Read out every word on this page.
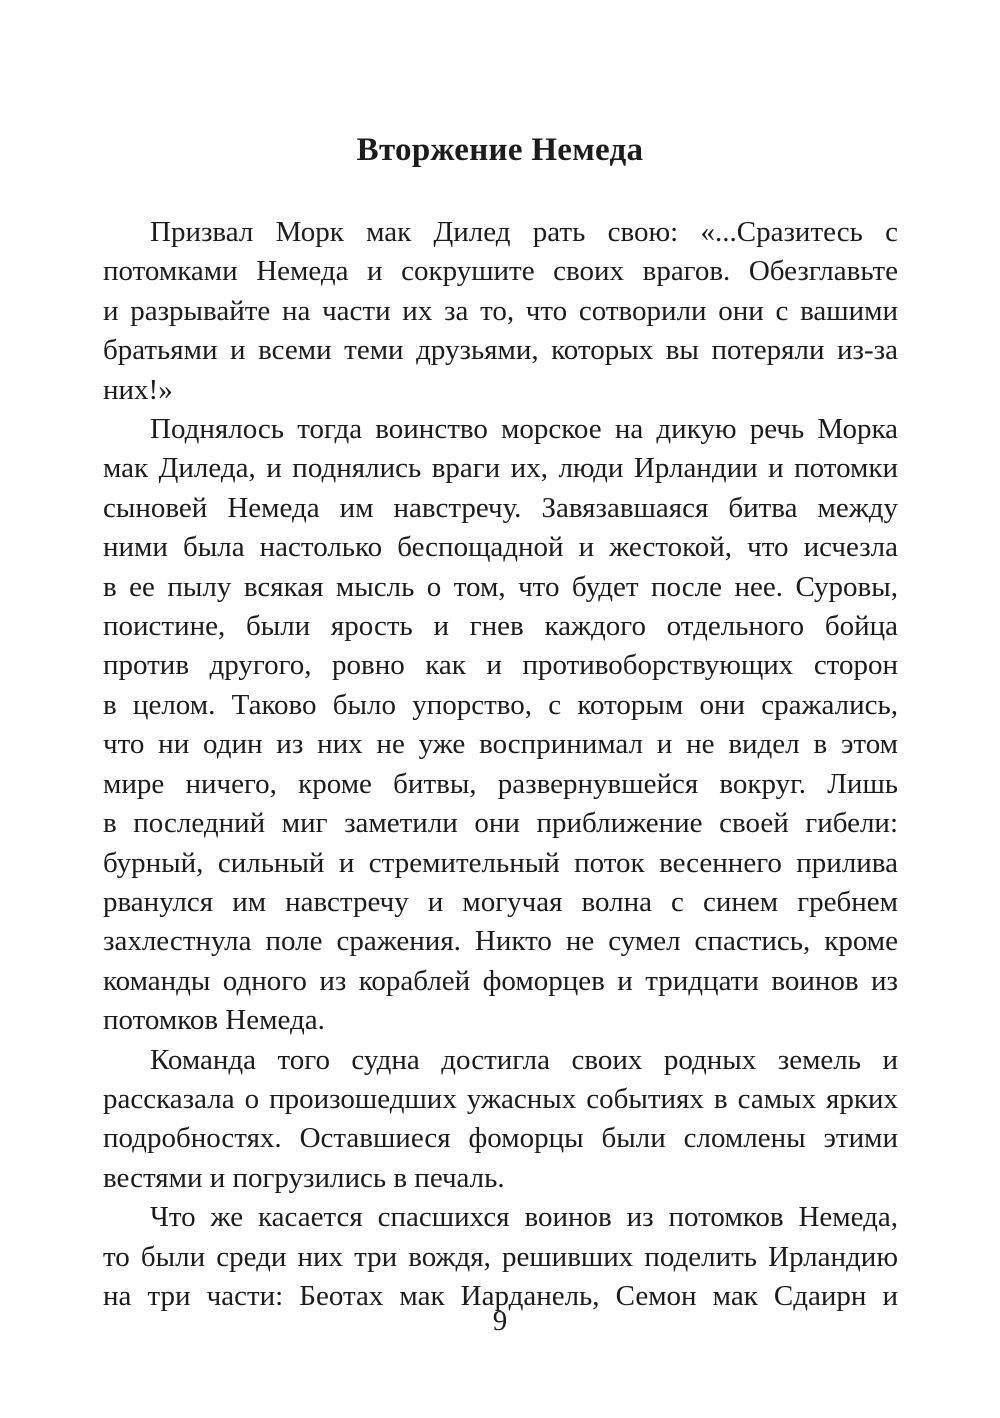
Вторжение Немеда

Призвал Морк мак Дилед рать свою: «...Сразитесь с
потомками Немеда и сокрушите своих врагов. Обезглавьте
и разрывайте на части их за то, что сотворили они с вашими
братьями и всеми теми друзьями, которых вы потеряли из-за
них!»

Поднялось тогда воинство морское на дикую речь Морка
мак Диледа, и поднялись враги их, люди Ирландии и потомки
сыновей Немеда им навстречу. Завязавшаяся битва между
ними была настолько беспощадной и жестокой, что исчезла
в ее пылу всякая мысль о том, что будет после нее. Суровы,
поистине, были ярость и гнев каждого отдельного бойца
против другого, ровно как и противоборствующих сторон
в целом. Таково было упорство, с которым они сражались,
что ни один из них не уже воспринимал и не видел в этом
мире ничего, кроме битвы, развернувшейся вокруг. Лишь
в последний миг заметили они приближение своей гибели:
бурный, сильный и стремительный поток весеннего прилива
рванулся им навстречу и могучая волна с синем гребнем
захлестнула поле сражения. Никто не сумел спастись, кроме
команды одного из кораблей фоморцев и тридцати воинов из
потомков Немеда.

Команда того судна достигла своих родных земель и
рассказала о произошедших ужасных событиях в самых ярких
подробностях. Оставшиеся фоморцы были сломлены этими
вестями и погрузились в печаль.

Что же касается спасшихся воинов из потомков Немеда,
то были среди них три вождя, решивших поделить Ирландию
на три части: Беотах мак Иарданель, Семон мак Сдаирн и

9
